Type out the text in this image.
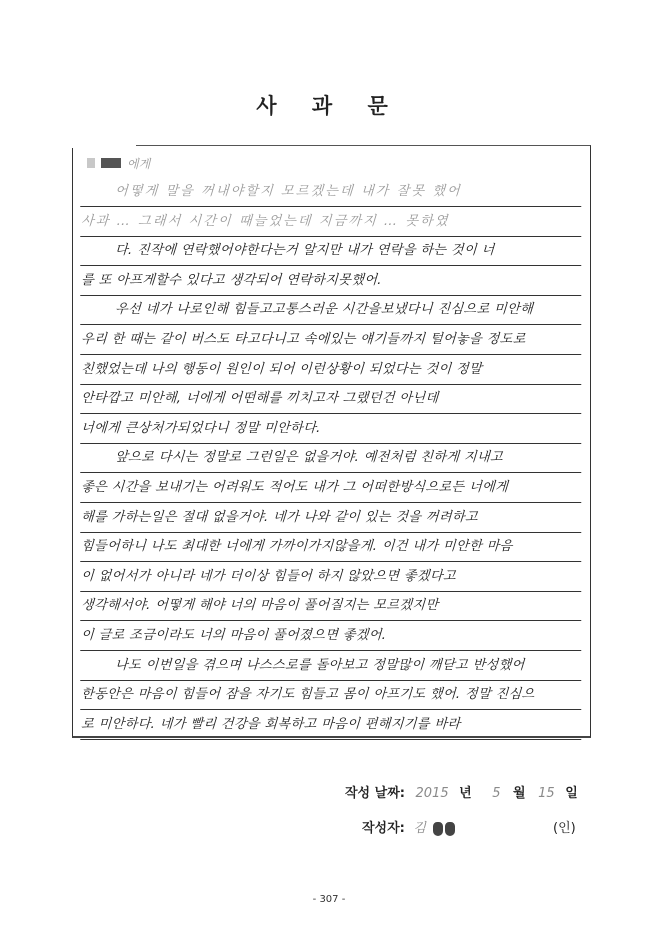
사 과 문
에게
어떻게 말을 꺼내야할지 모르겠는데 내가 잘못 했어
사과 … 그래서 시간이 때늘었는데 지금까지 … 못하였
다. 진작에 연락했어야한다는거 알지만 내가 연락을 하는 것이 너
를 또 아프게할수 있다고 생각되어 연락하지못했어.
우선 네가 나로인해 힘들고고통스러운 시간을보냈다니 진심으로 미안해
우리 한 때는 같이 버스도 타고다니고 속에있는 얘기들까지 털어놓을 정도로
친했었는데 나의 행동이 원인이 되어 이런상황이 되었다는 것이 정말
안타깝고 미안해, 너에게 어떤해를 끼치고자 그랬던건 아닌데
너에게 큰상처가되었다니 정말 미안하다.
앞으로 다시는 정말로 그런일은 없을거야. 예전처럼 친하게 지내고
좋은 시간을 보내기는 어려워도 적어도 내가 그 어떠한방식으로든 너에게
해를 가하는일은 절대 없을거야. 네가 나와 같이 있는 것을 꺼려하고
힘들어하니 나도 최대한 너에게 가까이가지않을게. 이건 내가 미안한 마음
이 없어서가 아니라 네가 더이상 힘들어 하지 않았으면 좋겠다고
생각해서야. 어떻게 해야 너의 마음이 풀어질지는 모르겠지만
이 글로 조금이라도 너의 마음이 풀어졌으면 좋겠어.
나도 이번일을 겪으며 나스스로를 돌아보고 정말많이 깨닫고 반성했어
한동안은 마음이 힘들어 잠을 자기도 힘들고 몸이 아프기도 했어. 정말 진심으
로 미안하다. 네가 빨리 건강을 회복하고 마음이 편해지기를 바라
작성 날짜: 2015 년 5 월 15 일
작성자: 김	(인)
- 307 -
